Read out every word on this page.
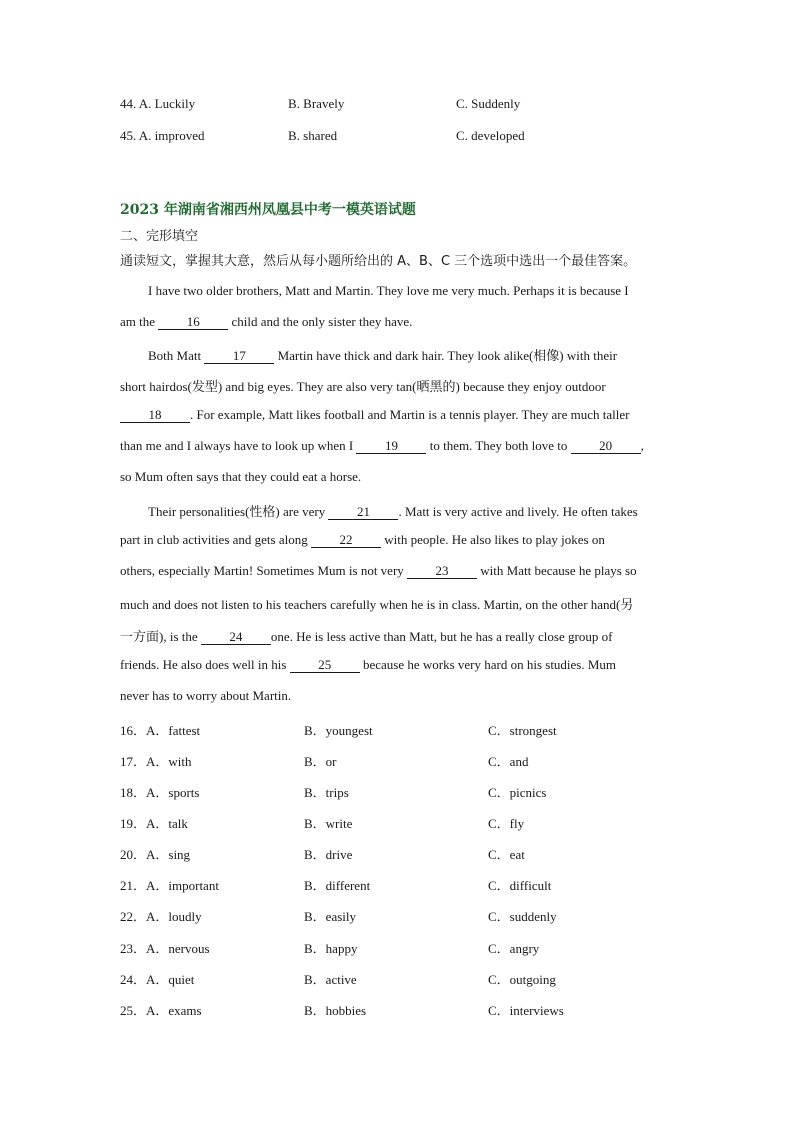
44. A. Luckily	B. Bravely	C. Suddenly
45. A. improved	B. shared	C. developed
2023 年湖南省湘西州凤凰县中考一模英语试题
二、完形填空
通读短文，掌握其大意，然后从每小题所给出的 A、B、C 三个选项中选出一个最佳答案。
I have two older brothers, Matt and Martin. They love me very much. Perhaps it is because I
am the 16 child and the only sister they have.
Both Matt 17 Martin have thick and dark hair. They look alike(相像) with their
short hairdos(发型) and big eyes. They are also very tan(晒黑的) because they enjoy outdoor
18 . For example, Matt likes football and Martin is a tennis player. They are much taller
than me and I always have to look up when I 19 to them. They both love to 20 ,
so Mum often says that they could eat a horse.
Their personalities(性格) are very 21 . Matt is very active and lively. He often takes
part in club activities and gets along 22 with people. He also likes to play jokes on
others, especially Martin! Sometimes Mum is not very 23 with Matt because he plays so
much and does not listen to his teachers carefully when he is in class. Martin, on the other hand(另
一方面), is the 24 one. He is less active than Matt, but he has a really close group of
friends. He also does well in his 25 because he works very hard on his studies. Mum
never has to worry about Martin.
16．A．fattest	B．youngest	C．strongest
17．A．with	B．or	C．and
18．A．sports	B．trips	C．picnics
19．A．talk	B．write	C．fly
20．A．sing	B．drive	C．eat
21．A．important	B．different	C．difficult
22．A．loudly	B．easily	C．suddenly
23．A．nervous	B．happy	C．angry
24．A．quiet	B．active	C．outgoing
25．A．exams	B．hobbies	C．interviews
